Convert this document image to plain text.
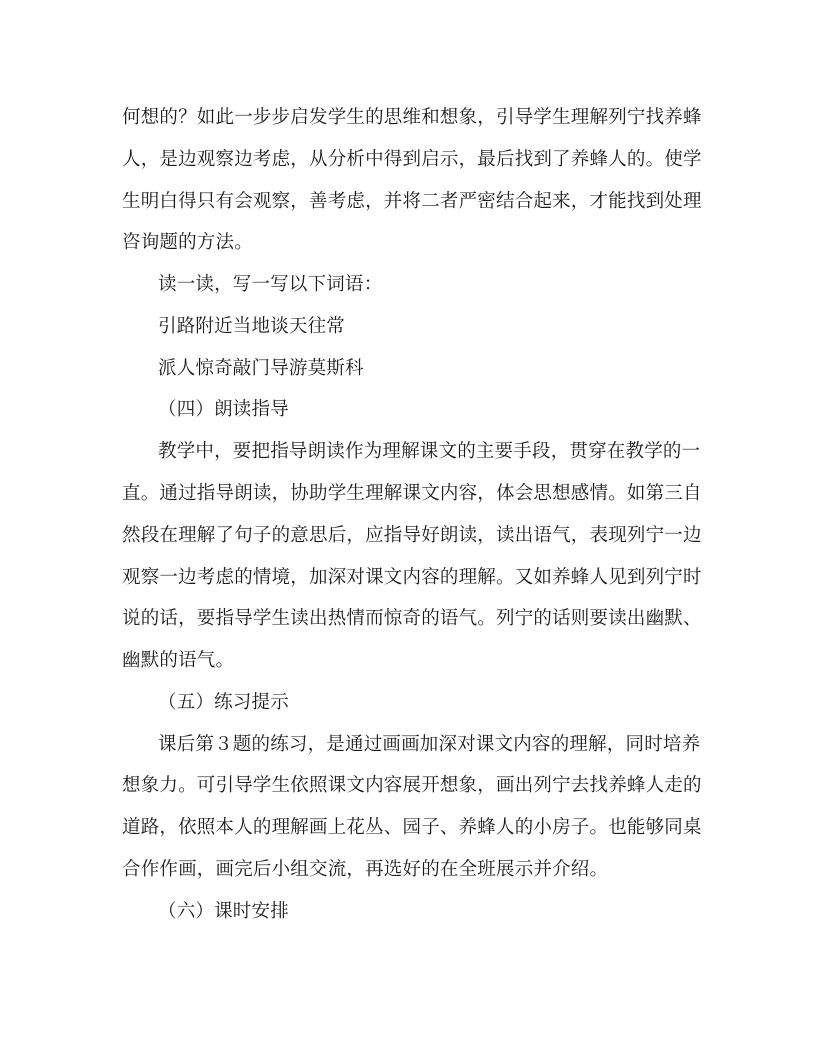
何想的？如此一步步启发学生的思维和想象，引导学生理解列宁找养蜂
人，是边观察边考虑，从分析中得到启示，最后找到了养蜂人的。使学
生明白得只有会观察，善考虑，并将二者严密结合起来，才能找到处理
咨询题的方法。
读一读，写一写以下词语：
引路附近当地谈天往常
派人惊奇敲门导游莫斯科
（四）朗读指导
教学中，要把指导朗读作为理解课文的主要手段，贯穿在教学的一
直。通过指导朗读，协助学生理解课文内容，体会思想感情。如第三自
然段在理解了句子的意思后，应指导好朗读，读出语气，表现列宁一边
观察一边考虑的情境，加深对课文内容的理解。又如养蜂人见到列宁时
说的话，要指导学生读出热情而惊奇的语气。列宁的话则要读出幽默、
幽默的语气。
（五）练习提示
课后第３题的练习，是通过画画加深对课文内容的理解，同时培养
想象力。可引导学生依照课文内容展开想象，画出列宁去找养蜂人走的
道路，依照本人的理解画上花丛、园子、养蜂人的小房子。也能够同桌
合作作画，画完后小组交流，再选好的在全班展示并介绍。
（六）课时安排
